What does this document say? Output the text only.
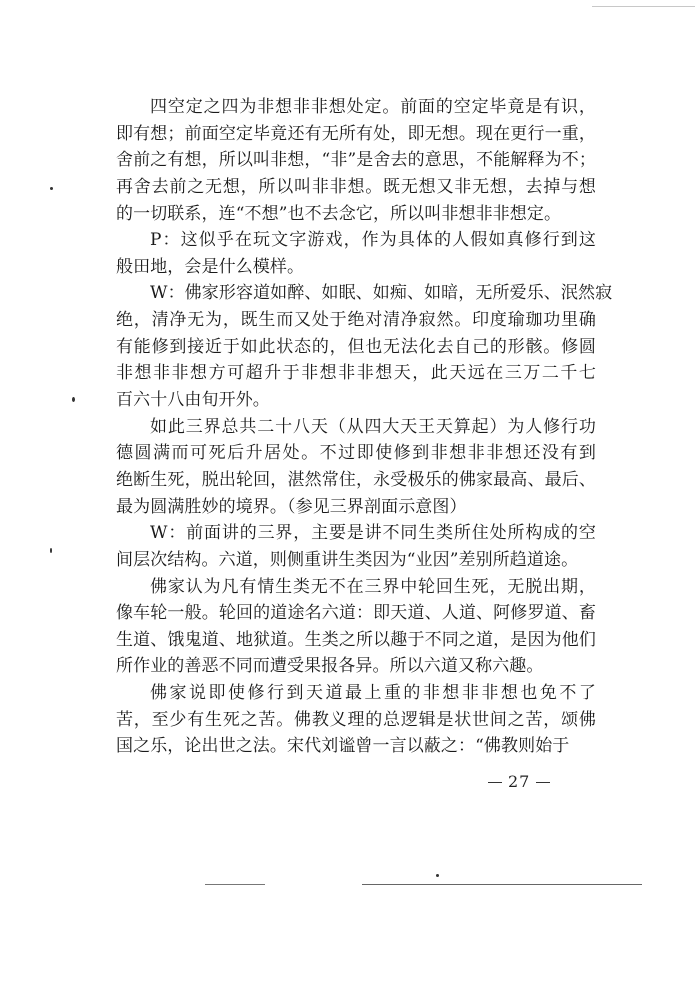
四空定之四为非想非非想处定。前面的空定毕竟是有识，
即有想；前面空定毕竟还有无所有处，即无想。现在更行一重，
舍前之有想，所以叫非想，“非”是舍去的意思，不能解释为不；
再舍去前之无想，所以叫非非想。既无想又非无想，去掉与想
的一切联系，连“不想”也不去念它，所以叫非想非非想定。
P：这似乎在玩文字游戏，作为具体的人假如真修行到这
般田地，会是什么模样。
W：佛家形容道如醉、如眠、如痴、如暗，无所爱乐、泯然寂
绝，清净无为，既生而又处于绝对清净寂然。印度瑜珈功里确
有能修到接近于如此状态的，但也无法化去自己的形骸。修圆
非想非非想方可超升于非想非非想天，此天远在三万二千七
百六十八由旬开外。
如此三界总共二十八天（从四大天王天算起）为人修行功
德圆满而可死后升居处。不过即使修到非想非非想还没有到
绝断生死，脱出轮回，湛然常住，永受极乐的佛家最高、最后、
最为圆满胜妙的境界。（参见三界剖面示意图）
W：前面讲的三界，主要是讲不同生类所住处所构成的空
间层次结构。六道，则侧重讲生类因为“业因”差别所趋道途。
佛家认为凡有情生类无不在三界中轮回生死，无脱出期，
像车轮一般。轮回的道途名六道：即天道、人道、阿修罗道、畜
生道、饿鬼道、地狱道。生类之所以趣于不同之道，是因为他们
所作业的善恶不同而遭受果报各异。所以六道又称六趣。
佛家说即使修行到天道最上重的非想非非想也免不了
苦，至少有生死之苦。佛教义理的总逻辑是状世间之苦，颂佛
国之乐，论出世之法。宋代刘谧曾一言以蔽之：“佛教则始于
27
